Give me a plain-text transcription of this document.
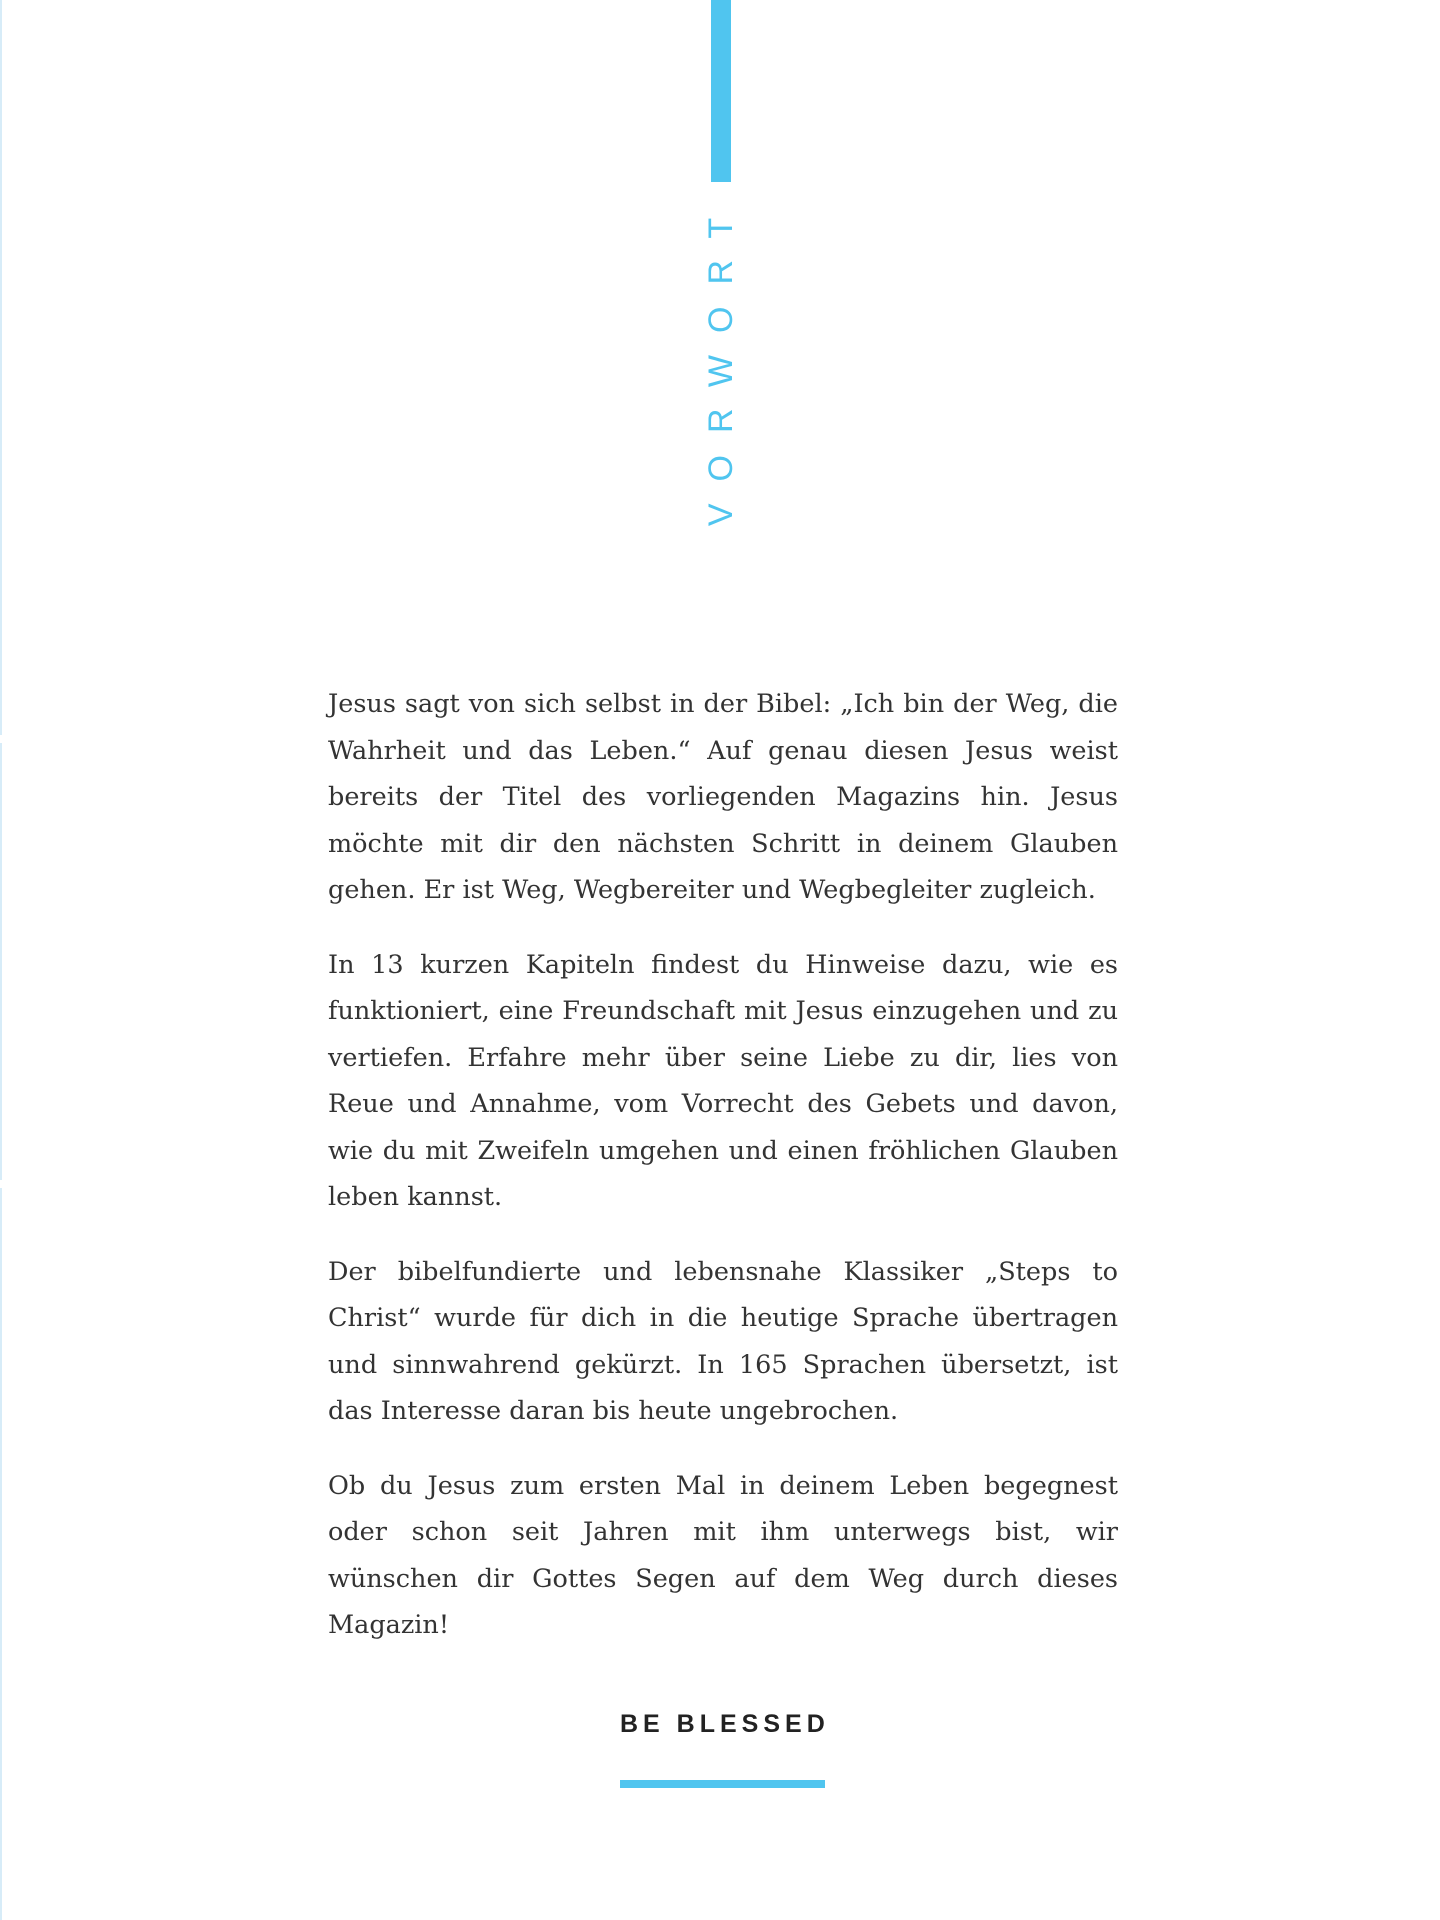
VORWORT

Jesus sagt von sich selbst in der Bibel: „Ich bin der Weg, die Wahrheit und das Leben.“ Auf genau diesen Jesus weist bereits der Titel des vorliegenden Magazins hin. Jesus möchte mit dir den nächsten Schritt in deinem Glauben gehen. Er ist Weg, Wegbereiter und Wegbegleiter zugleich.

In 13 kurzen Kapiteln findest du Hinweise dazu, wie es funktioniert, eine Freundschaft mit Jesus einzugehen und zu vertiefen. Erfahre mehr über seine Liebe zu dir, lies von Reue und Annahme, vom Vorrecht des Gebets und davon, wie du mit Zweifeln umgehen und einen fröhlichen Glauben leben kannst.

Der bibelfundierte und lebensnahe Klassiker „Steps to Christ“ wurde für dich in die heutige Sprache übertragen und sinnwahrend gekürzt. In 165 Sprachen übersetzt, ist das Interesse daran bis heute ungebrochen.

Ob du Jesus zum ersten Mal in deinem Leben begegnest oder schon seit Jahren mit ihm unterwegs bist, wir wünschen dir Gottes Segen auf dem Weg durch dieses Magazin!

BE BLESSED
